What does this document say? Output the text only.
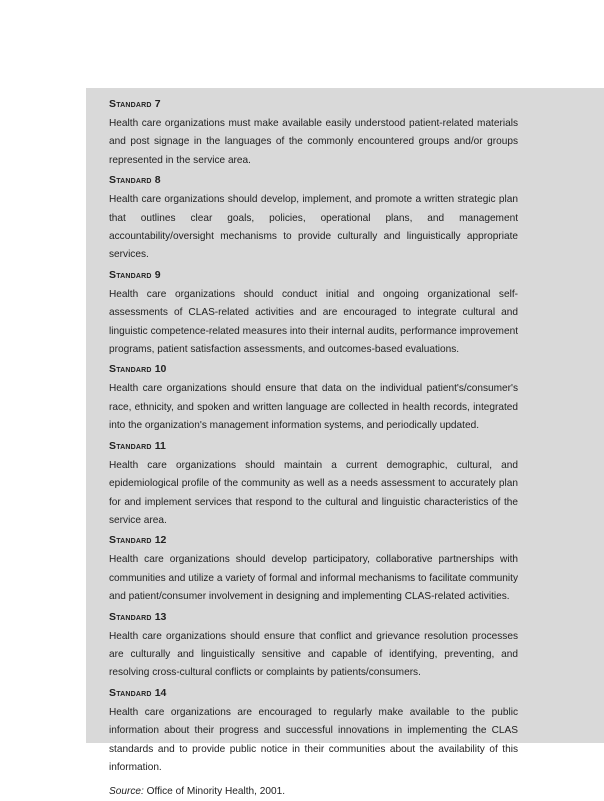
Standard 7
Health care organizations must make available easily understood patient-related materials and post signage in the languages of the commonly encountered groups and/or groups represented in the service area.
Standard 8
Health care organizations should develop, implement, and promote a written strategic plan that outlines clear goals, policies, operational plans, and management accountability/oversight mechanisms to provide culturally and linguistically appropriate services.
Standard 9
Health care organizations should conduct initial and ongoing organizational self-assessments of CLAS-related activities and are encouraged to integrate cultural and linguistic competence-related measures into their internal audits, performance improvement programs, patient satisfaction assessments, and outcomes-based evaluations.
Standard 10
Health care organizations should ensure that data on the individual patient's/consumer's race, ethnicity, and spoken and written language are collected in health records, integrated into the organization's management information systems, and periodically updated.
Standard 11
Health care organizations should maintain a current demographic, cultural, and epidemiological profile of the community as well as a needs assessment to accurately plan for and implement services that respond to the cultural and linguistic characteristics of the service area.
Standard 12
Health care organizations should develop participatory, collaborative partnerships with communities and utilize a variety of formal and informal mechanisms to facilitate community and patient/consumer involvement in designing and implementing CLAS-related activities.
Standard 13
Health care organizations should ensure that conflict and grievance resolution processes are culturally and linguistically sensitive and capable of identifying, preventing, and resolving cross-cultural conflicts or complaints by patients/consumers.
Standard 14
Health care organizations are encouraged to regularly make available to the public information about their progress and successful innovations in implementing the CLAS standards and to provide public notice in their communities about the availability of this information.
Source: Office of Minority Health, 2001.
